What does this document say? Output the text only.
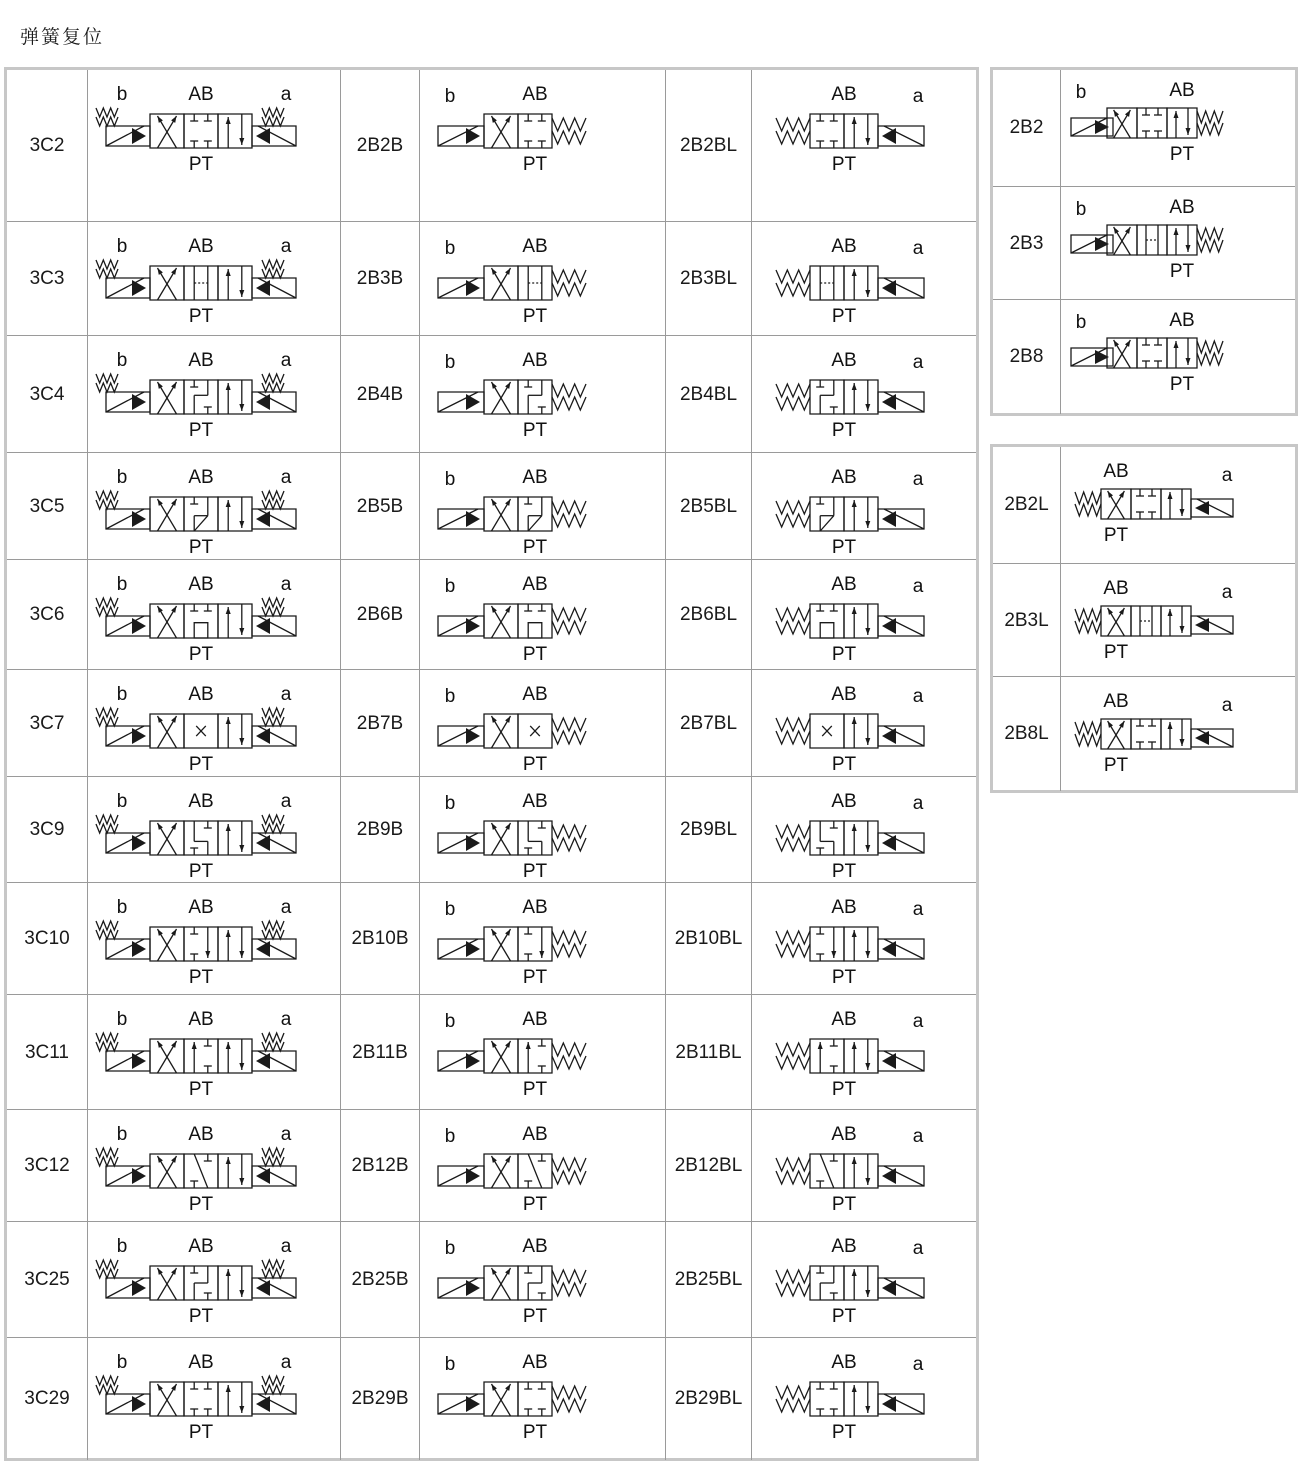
弹簧复位
3C2
b	AB	a
PT
2B2B
b	AB
PT
2B2BL
AB	a
PT
3C3
b	AB	a
PT
2B3B
b	AB
PT
2B3BL
AB	a
PT
3C4
b	AB	a
PT
2B4B
b	AB
PT
2B4BL
AB	a
PT
3C5
b	AB	a
PT
2B5B
b	AB
PT
2B5BL
AB	a
PT
3C6
b	AB	a
PT
2B6B
b	AB
PT
2B6BL
AB	a
PT
3C7
b	AB	a
PT
2B7B
b	AB
PT
2B7BL
AB	a
PT
3C9
b	AB	a
PT
2B9B
b	AB
PT
2B9BL
AB	a
PT
3C10
b	AB	a
PT
2B10B
b	AB
PT
2B10BL
AB	a
PT
3C11
b	AB	a
PT
2B11B
b	AB
PT
2B11BL
AB	a
PT
3C12
b	AB	a
PT
2B12B
b	AB
PT
2B12BL
AB	a
PT
3C25
b	AB	a
PT
2B25B
b	AB
PT
2B25BL
AB	a
PT
3C29
b	AB	a
PT
2B29B
b	AB
PT
2B29BL
AB	a
PT
2B2
b	AB
PT
2B3
b	AB
PT
2B8
b	AB
PT
2B2L
AB	a
PT
2B3L
AB	a
PT
2B8L
AB	a
PT
